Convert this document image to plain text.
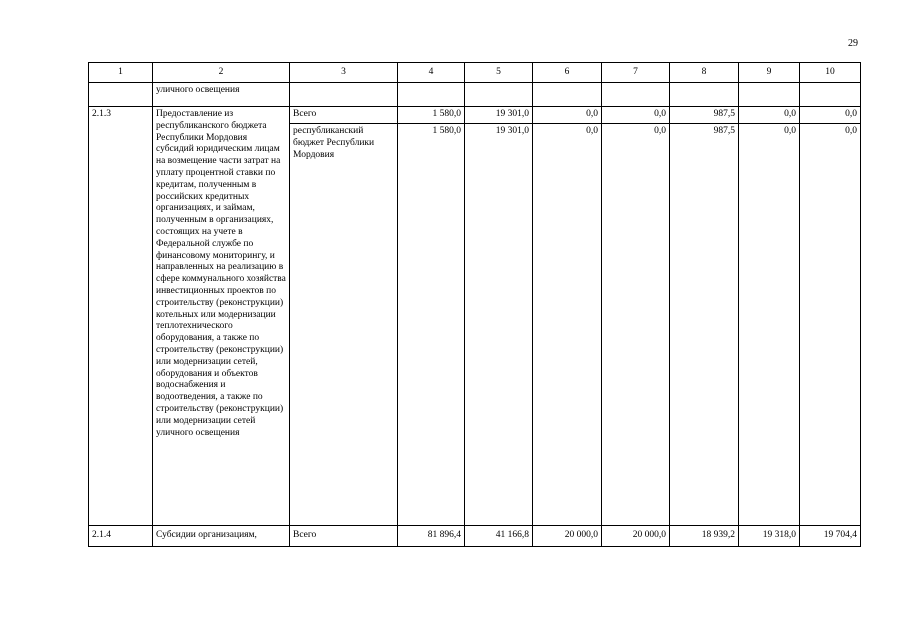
29
1	2	3	4	5	6	7	8	9	10
	уличного освещения								
2.1.3	Предоставление из республиканского бюджета Республики Мордовия субсидий юридическим лицам на возмещение части затрат на уплату процентной ставки по кредитам, полученным в российских кредитных организациях, и займам, полученным в организациях, состоящих на учете в Федеральной службе по финансовому мониторингу, и направленных на реализацию в сфере коммунального хозяйства инвестиционных проектов по строительству (реконструкции) котельных или модернизации теплотехнического оборудования, а также по строительству (реконструкции) или модернизации сетей, оборудования и объектов водоснабжения и водоотведения, а также по строительству (реконструкции) или модернизации сетей уличного освещения	Всего	1 580,0	19 301,0	0,0	0,0	987,5	0,0	0,0
		республиканский бюджет Республики Мордовия	1 580,0	19 301,0	0,0	0,0	987,5	0,0	0,0
2.1.4	Субсидии организациям,	Всего	81 896,4	41 166,8	20 000,0	20 000,0	18 939,2	19 318,0	19 704,4
